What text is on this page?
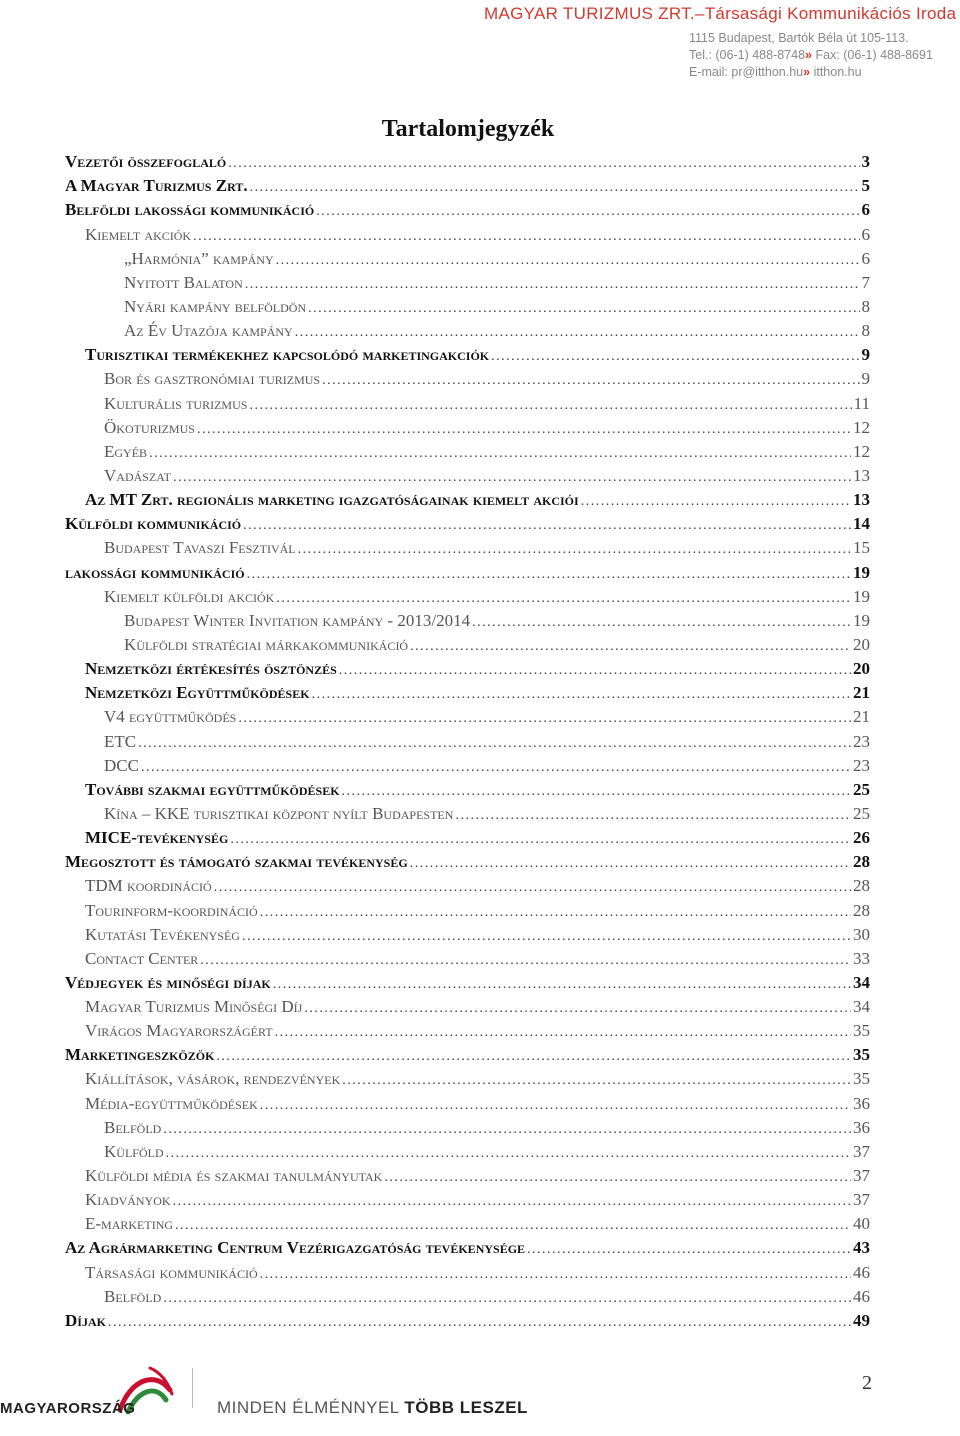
MAGYAR TURIZMUS ZRT.–Társasági Kommunikációs Iroda
1115 Budapest, Bartók Béla út 105-113.
Tel.: (06-1) 488-8748» Fax: (06-1) 488-8691
E-mail: pr@itthon.hu» itthon.hu
Tartalomjegyzék
Vezetői összefoglaló . . .	3
A Magyar Turizmus Zrt. . . .	5
Belföldi lakossági kommunikáció . . .	6
Kiemelt akciók . . .	6
„Harmónia” kampány . . .	6
Nyitott Balaton . . .	7
Nyári kampány belföldön . . .	8
Az Év Utazója kampány . . .	8
Turisztikai termékekhez kapcsolódó marketingakciók . . .	9
Bor és gasztronómiai turizmus . . .	9
Kulturális turizmus . . .	11
Ökoturizmus . . .	12
Egyéb . . .	12
Vadászat . . .	13
Az MT Zrt. regionális marketing igazgatóságainak kiemelt akciói . . .	13
Külföldi kommunikáció . . .	14
Budapest Tavaszi Fesztivál . . .	15
lakossági kommunikáció . . .	19
Kiemelt külföldi akciók . . .	19
Budapest Winter Invitation kampány - 2013/2014 . . .	19
Külföldi stratégiai márkakommunikáció . . .	20
Nemzetközi értékesítés ösztönzés . . .	20
Nemzetközi Együttműködések . . .	21
V4 együttműködés . . .	21
ETC . . .	23
DCC . . .	23
További szakmai együttműködések . . .	25
Kína – KKE turisztikai központ nyílt Budapesten . . .	25
MICE-tevékenység . . .	26
Megosztott és támogató szakmai tevékenység . . .	28
TDM koordináció . . .	28
Tourinform-koordináció . . .	28
Kutatási Tevékenység . . .	30
Contact Center . . .	33
Védjegyek és minőségi díjak . . .	34
Magyar Turizmus Minőségi Díj . . .	34
Virágos Magyarországért . . .	35
Marketingeszközök . . .	35
Kiállítások, vásárok, rendezvények . . .	35
Média-együttműködések . . .	36
Belföld . . .	36
Külföld . . .	37
Külföldi média és szakmai tanulmányutak . . .	37
Kiadványok . . .	37
E-marketing . . .	40
Az Agrármarketing Centrum Vezérigazgatóság tevékenysége . . .	43
Társasági kommunikáció . . .	46
Belföld . . .	46
Díjak . . .	49
2
MAGYARORSZÁG	MINDEN ÉLMÉNNYEL TÖBB LESZEL
